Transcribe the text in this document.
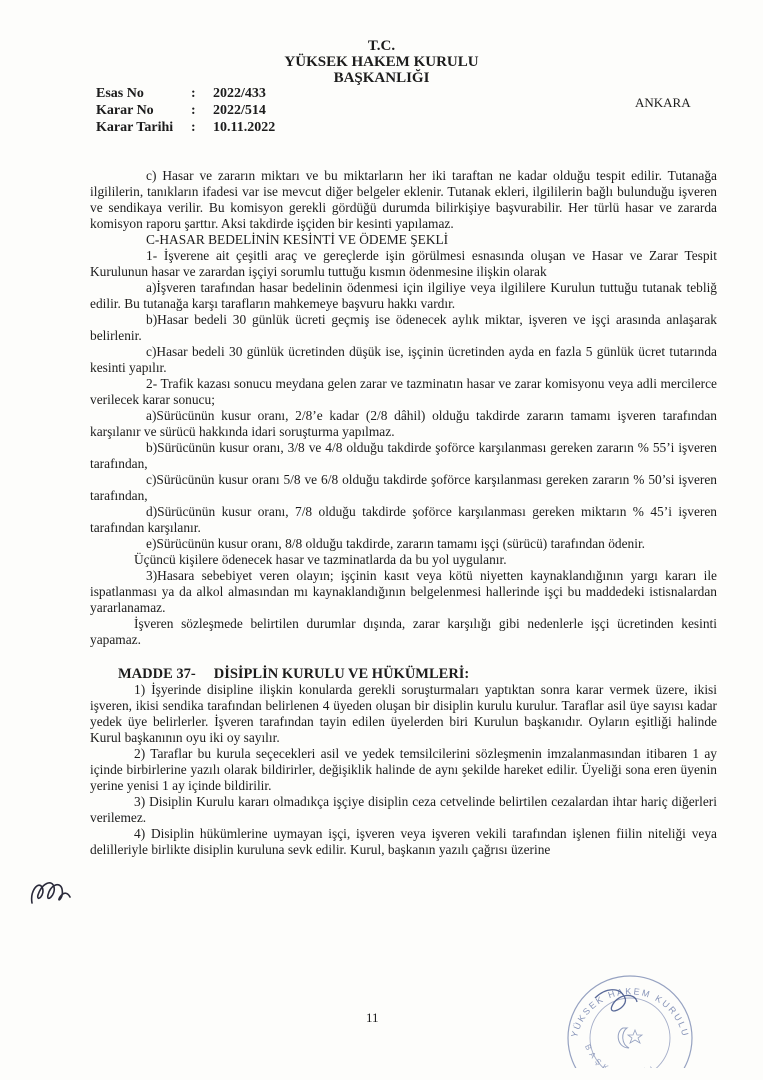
T.C.
YÜKSEK HAKEM KURULU
BAŞKANLIĞI
Esas No	:	2022/433
Karar No	:	2022/514
Karar Tarihi	:	10.11.2022
ANKARA

c) Hasar ve zararın miktarı ve bu miktarların her iki taraftan ne kadar olduğu tespit edilir. Tutanağa ilgililerin, tanıkların ifadesi var ise mevcut diğer belgeler eklenir. Tutanak ekleri, ilgililerin bağlı bulunduğu işveren ve sendikaya verilir. Bu komisyon gerekli gördüğü durumda bilirkişiye başvurabilir. Her türlü hasar ve zararda komisyon raporu şarttır. Aksi takdirde işçiden bir kesinti yapılamaz.

C-HASAR BEDELİNİN KESİNTİ VE ÖDEME ŞEKLİ

1- İşverene ait çeşitli araç ve gereçlerde işin görülmesi esnasında oluşan ve Hasar ve Zarar Tespit Kurulunun hasar ve zarardan işçiyi sorumlu tuttuğu kısmın ödenmesine ilişkin olarak

a)İşveren tarafından hasar bedelinin ödenmesi için ilgiliye veya ilgililere Kurulun tuttuğu tutanak tebliğ edilir. Bu tutanağa karşı tarafların mahkemeye başvuru hakkı vardır.

b)Hasar bedeli 30 günlük ücreti geçmiş ise ödenecek aylık miktar, işveren ve işçi arasında anlaşarak belirlenir.

c)Hasar bedeli 30 günlük ücretinden düşük ise, işçinin ücretinden ayda en fazla 5 günlük ücret tutarında kesinti yapılır.

2- Trafik kazası sonucu meydana gelen zarar ve tazminatın hasar ve zarar komisyonu veya adli mercilerce verilecek karar sonucu;

a)Sürücünün kusur oranı, 2/8’e kadar (2/8 dâhil) olduğu takdirde zararın tamamı işveren tarafından karşılanır ve sürücü hakkında idari soruşturma yapılmaz.

b)Sürücünün kusur oranı, 3/8 ve 4/8 olduğu takdirde şoförce karşılanması gereken zararın % 55’i işveren tarafından,

c)Sürücünün kusur oranı 5/8 ve 6/8 olduğu takdirde şoförce karşılanması gereken zararın % 50’si işveren tarafından,

d)Sürücünün kusur oranı, 7/8 olduğu takdirde şoförce karşılanması gereken miktarın % 45’i işveren tarafından karşılanır.

e)Sürücünün kusur oranı, 8/8 olduğu takdirde, zararın tamamı işçi (sürücü) tarafından ödenir.

Üçüncü kişilere ödenecek hasar ve tazminatlarda da bu yol uygulanır.

3)Hasara sebebiyet veren olayın; işçinin kasıt veya kötü niyetten kaynaklandığının yargı kararı ile ispatlanması ya da alkol almasından mı kaynaklandığının belgelenmesi hallerinde işçi bu maddedeki istisnalardan yararlanamaz.

İşveren sözleşmede belirtilen durumlar dışında, zarar karşılığı gibi nedenlerle işçi ücretinden kesinti yapamaz.

MADDE 37- DİSİPLİN KURULU VE HÜKÜMLERİ:

1) İşyerinde disipline ilişkin konularda gerekli soruşturmaları yaptıktan sonra karar vermek üzere, ikisi işveren, ikisi sendika tarafından belirlenen 4 üyeden oluşan bir disiplin kurulu kurulur. Taraflar asil üye sayısı kadar yedek üye belirlerler. İşveren tarafından tayin edilen üyelerden biri Kurulun başkanıdır. Oyların eşitliği halinde Kurul başkanının oyu iki oy sayılır.

2) Taraflar bu kurula seçecekleri asil ve yedek temsilcilerini sözleşmenin imzalanmasından itibaren 1 ay içinde birbirlerine yazılı olarak bildirirler, değişiklik halinde de aynı şekilde hareket edilir. Üyeliği sona eren üyenin yerine yenisi 1 ay içinde bildirilir.

3) Disiplin Kurulu kararı olmadıkça işçiye disiplin ceza cetvelinde belirtilen cezalardan ihtar hariç diğerleri verilemez.

4) Disiplin hükümlerine uymayan işçi, işveren veya işveren vekili tarafından işlenen fiilin niteliği veya delilleriyle birlikte disiplin kuruluna sevk edilir. Kurul, başkanın yazılı çağrısı üzerine

11
YÜKSEK HAKEM KURULU
BAŞ
